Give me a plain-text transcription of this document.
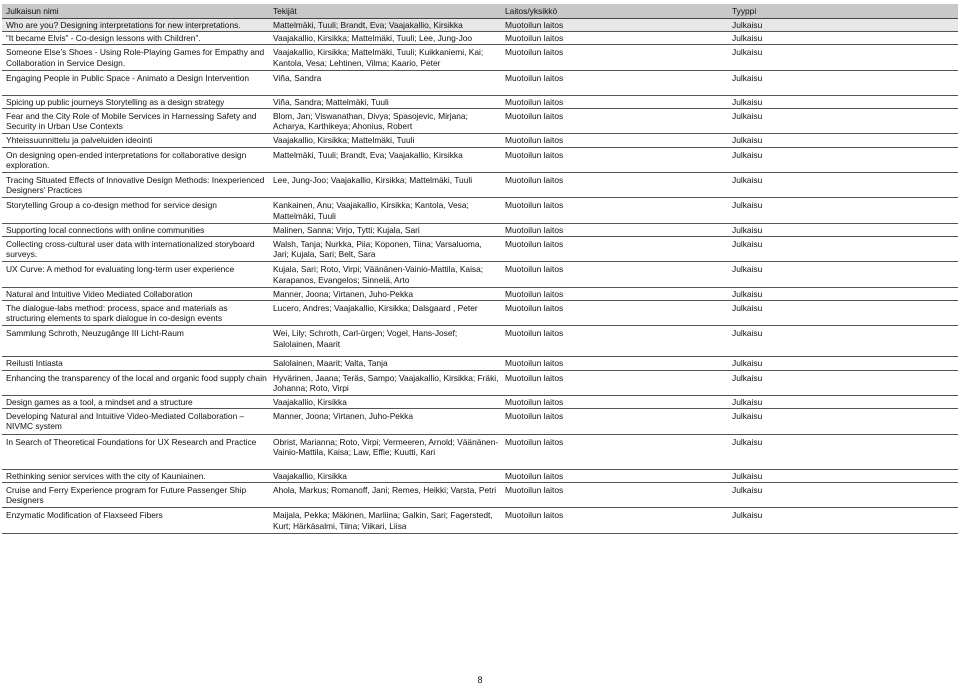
Julkaisun nimi	Tekijät	Laitos/yksikkö	Tyyppi
Who are you? Designing interpretations for new interpretations.	Mattelmäki, Tuuli; Brandt, Eva; Vaajakallio, Kirsikka	Muotoilun laitos	Julkaisu
“It became Elvis” - Co-design lessons with Children”.	Vaajakallio, Kirsikka; Mattelmäki, Tuuli; Lee, Jung-Joo	Muotoilun laitos	Julkaisu
Someone Else’s Shoes - Using Role-Playing Games for Empathy and Collaboration in Service Design.	Vaajakallio, Kirsikka; Mattelmäki, Tuuli; Kuikkaniemi, Kai; Kantola, Vesa; Lehtinen, Vilma; Kaario, Peter	Muotoilun laitos	Julkaisu
Engaging People in Public Space - Animato a Design Intervention	Viña, Sandra	Muotoilun laitos	Julkaisu
Spicing up public journeys Storytelling as a design strategy	Viña, Sandra; Mattelmäki, Tuuli	Muotoilun laitos	Julkaisu
Fear and the City Role of Mobile Services in Harnessing Safety and Security in Urban Use Contexts	Blom, Jan; Viswanathan, Divya; Spasojevic, Mirjana; Acharya, Karthikeya; Ahonius, Robert	Muotoilun laitos	Julkaisu
Yhteissuunnittelu ja palveluiden ideointi	Vaajakallio, Kirsikka; Mattelmäki, Tuuli	Muotoilun laitos	Julkaisu
On designing open-ended interpretations for collaborative design exploration.	Mattelmäki, Tuuli; Brandt, Eva; Vaajakallio, Kirsikka	Muotoilun laitos	Julkaisu
Tracing Situated Effects of Innovative Design Methods: Inexperienced Designers' Practices	Lee, Jung-Joo; Vaajakallio, Kirsikka; Mattelmäki, Tuuli	Muotoilun laitos	Julkaisu
Storytelling Group a co-design method for service design	Kankainen, Anu; Vaajakallio, Kirsikka; Kantola, Vesa; Mattelmäki, Tuuli	Muotoilun laitos	Julkaisu
Supporting local connections with online communities	Malinen, Sanna; Virjo, Tytti; Kujala, Sari	Muotoilun laitos	Julkaisu
Collecting cross-cultural user data with internationalized storyboard surveys.	Walsh, Tanja; Nurkka, Piia; Koponen, Tiina; Varsaluoma, Jari; Kujala, Sari; Belt, Sara	Muotoilun laitos	Julkaisu
UX Curve: A method for evaluating long-term user experience	Kujala, Sari; Roto, Virpi; Väänänen-Vainio-Mattila, Kaisa; Karapanos, Evangelos; Sinnelä, Arto	Muotoilun laitos	Julkaisu
Natural and Intuitive Video Mediated Collaboration	Manner, Joona; Virtanen, Juho-Pekka	Muotoilun laitos	Julkaisu
The dialogue-labs method: process, space and materials as structuring elements to spark dialogue in co-design events	Lucero, Andres; Vaajakallio, Kirsikka; Dalsgaard , Peter	Muotoilun laitos	Julkaisu
Sammlung Schroth, Neuzugânge III Licht-Raum	Wei, Lily; Schroth, Carl-ürgen; Vogel, Hans-Josef; Salolainen, Maarit	Muotoilun laitos	Julkaisu
Reilusti Intiasta	Salolainen, Maarit; Valta, Tanja	Muotoilun laitos	Julkaisu
Enhancing the transparency of the local and organic food supply chain	Hyvärinen, Jaana; Teräs, Sampo; Vaajakallio, Kirsikka; Fräki, Johanna; Roto, Virpi	Muotoilun laitos	Julkaisu
Design games as a tool, a mindset and a structure	Vaajakallio, Kirsikka	Muotoilun laitos	Julkaisu
Developing Natural and Intuitive Video-Mediated Collaboration – NIVMC system	Manner, Joona; Virtanen, Juho-Pekka	Muotoilun laitos	Julkaisu
In Search of Theoretical Foundations for UX Research and Practice	Obrist, Marianna; Roto, Virpi; Vermeeren, Arnold; Väänänen-Vainio-Mattila, Kaisa; Law, Effie; Kuutti, Kari	Muotoilun laitos	Julkaisu
Rethinking senior services with the city of Kauniainen.	Vaajakallio, Kirsikka	Muotoilun laitos	Julkaisu
Cruise and Ferry Experience program for Future Passenger Ship Designers	Ahola, Markus; Romanoff, Jani; Remes, Heikki; Varsta, Petri	Muotoilun laitos	Julkaisu
Enzymatic Modification of Flaxseed Fibers	Maijala, Pekka; Mäkinen, Marliina; Galkin, Sari; Fagerstedt, Kurt; Härkäsalmi, Tiina; Viikari, Liisa	Muotoilun laitos	Julkaisu
8
